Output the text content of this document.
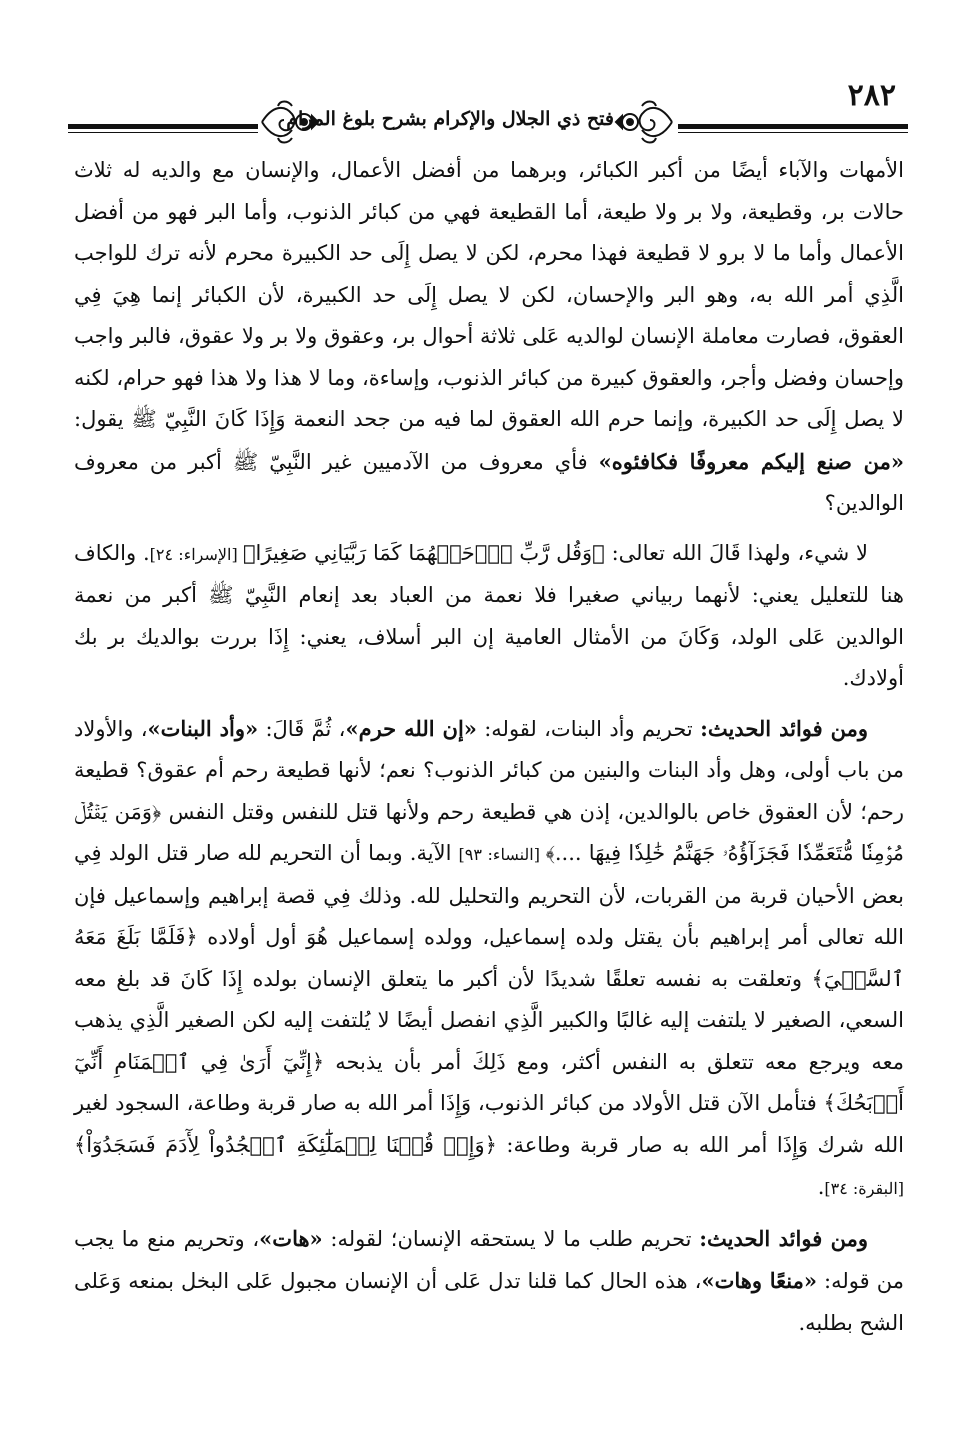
٢٨٢
فتح ذي الجلال والإكرام بشرح بلوغ المرام

الأمهات والآباء أيضًا من أكبر الكبائر، وبرهما من أفضل الأعمال، والإنسان مع والديه له ثلاث حالات بر، وقطيعة، ولا بر ولا طيعة، أما القطيعة فهي من كبائر الذنوب، وأما البر فهو من أفضل الأعمال وأما ما لا برو لا قطيعة فهذا محرم، لكن لا يصل إِلَى حد الكبيرة محرم لأنه ترك للواجب الَّذِي أمر الله به، وهو البر والإحسان، لكن لا يصل إِلَى حد الكبيرة، لأن الكبائر إنما هِيَ فِي العقوق، فصارت معاملة الإنسان لوالديه عَلى ثلاثة أحوال بر، وعقوق ولا بر ولا عقوق، فالبر واجب وإحسان وفضل وأجر، والعقوق كبيرة من كبائر الذنوب، وإساءة، وما لا هذا ولا هذا فهو حرام، لكنه لا يصل إِلَى حد الكبيرة، وإنما حرم الله العقوق لما فيه من جحد النعمة وَإِذَا كَانَ النَّبِيّ ﷺ يقول: «من صنع إليكم معروفًا فكافئوه» فأي معروف من الآدميين غير النَّبِيّ ﷺ أكبر من معروف الوالدين؟

لا شيء، ولهذا قَالَ الله تعالى: ﴿وَقُل رَّبِّ ٱرۡحَمۡهُمَا كَمَا رَبَّيَانِي صَغِيرًا﴾ [الإسراء: ٢٤]. والكاف هنا للتعليل يعني: لأنهما ربياني صغيرا فلا نعمة من العباد بعد إنعام النَّبِيّ ﷺ أكبر من نعمة الوالدين عَلى الولد، وَكَانَ من الأمثال العامية إن البر أسلاف، يعني: إِذَا بررت بوالديك بر بك أولادك.

ومن فوائد الحديث: تحريم وأد البنات، لقوله: «إن الله حرم»، ثُمَّ قَالَ: «وأد البنات»، والأولاد من باب أولى، وهل وأد البنات والبنين من كبائر الذنوب؟ نعم؛ لأنها قطيعة رحم أم عقوق؟ قطيعة رحم؛ لأن العقوق خاص بالوالدين، إذن هي قطيعة رحم ولأنها قتل للنفس وقتل النفس ﴿وَمَن يَقۡتُلۡ مُؤۡمِنٗا مُّتَعَمِّدٗا فَجَزَآؤُهُۥ جَهَنَّمُ خَٰلِدٗا فِيهَا ....﴾ [النساء: ٩٣] الآية. وبما أن التحريم لله صار قتل الولد فِي بعض الأحيان قربة من القربات، لأن التحريم والتحليل لله. وذلك فِي قصة إبراهيم وإسماعيل فإن الله تعالى أمر إبراهيم بأن يقتل ولده إسماعيل، وولده إسماعيل هُوَ أول أولاده ﴿فَلَمَّا بَلَغَ مَعَهُ ٱلسَّعۡيَ﴾ وتعلقت به نفسه تعلقًا شديدًا لأن أكبر ما يتعلق الإنسان بولده إِذَا كَانَ قد بلغ معه السعي، الصغير لا يلتفت إليه غالبًا والكبير الَّذِي انفصل أيضًا لا يُلتفت إليه لكن الصغير الَّذِي يذهب معه ويرجع معه تتعلق به النفس أكثر، ومع ذَلِكَ أمر بأن يذبحه ﴿إِنِّيٓ أَرَىٰ فِي ٱلۡمَنَامِ أَنِّيٓ أَذۡبَحُكَ﴾ فتأمل الآن قتل الأولاد من كبائر الذنوب، وَإِذَا أمر الله به صار قربة وطاعة، السجود لغير الله شرك وَإِذَا أمر الله به صار قربة وطاعة: ﴿وَإِذۡ قُلۡنَا لِلۡمَلَٰٓئِكَةِ ٱسۡجُدُواْ لِأٓدَمَ فَسَجَدُوٓاْ﴾ [البقرة: ٣٤].

ومن فوائد الحديث: تحريم طلب ما لا يستحقه الإنسان؛ لقوله: «هات»، وتحريم منع ما يجب من قوله: «منعًا وهات»، هذه الحال كما قلنا تدل عَلى أن الإنسان مجبول عَلى البخل بمنعه وَعَلى الشح بطلبه.
